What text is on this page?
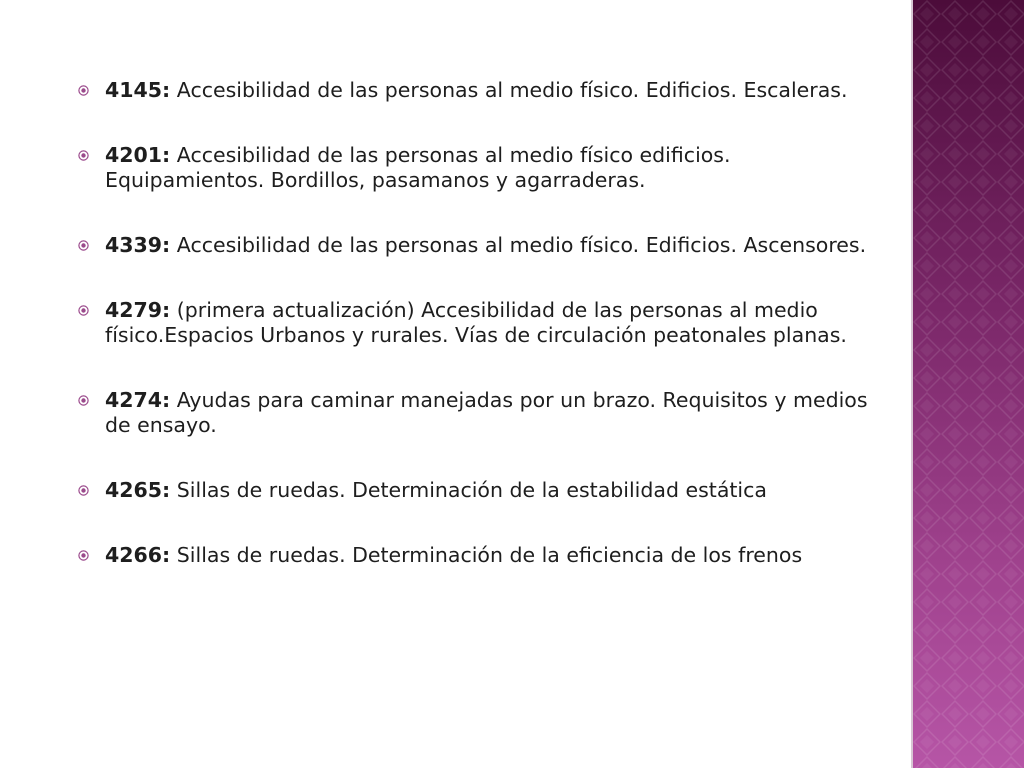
4145: Accesibilidad de las personas al medio físico. Edificios. Escaleras.
4201: Accesibilidad de las personas al medio físico edificios. Equipamientos. Bordillos, pasamanos y agarraderas.
4339: Accesibilidad de las personas al medio físico. Edificios. Ascensores.
4279: (primera actualización) Accesibilidad de las personas al medio físico.Espacios Urbanos y rurales. Vías de circulación peatonales planas.
4274: Ayudas para caminar manejadas por un brazo. Requisitos y medios de ensayo.
4265: Sillas de ruedas. Determinación de la estabilidad estática
4266: Sillas de ruedas. Determinación de la eficiencia de los frenos
